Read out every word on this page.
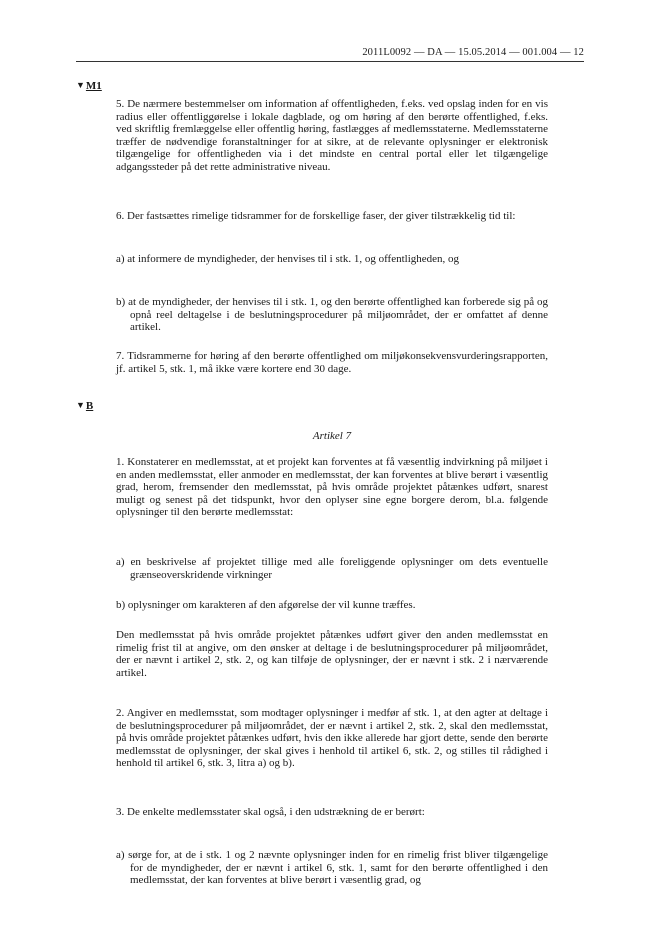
2011L0092 — DA — 15.05.2014 — 001.004 — 12
▼M1
▼B
5. De nærmere bestemmelser om information af offentligheden, f.eks. ved opslag inden for en vis radius eller offentliggørelse i lokale dagblade, og om høring af den berørte offentlighed, f.eks. ved skriftlig fremlæggelse eller offentlig høring, fastlægges af medlemsstaterne. Medlemsstaterne træffer de nødvendige foranstaltninger for at sikre, at de relevante oplysninger er elektronisk tilgængelige for offentligheden via i det mindste en central portal eller let tilgængelige adgangssteder på det rette administrative niveau.
6. Der fastsættes rimelige tidsrammer for de forskellige faser, der giver tilstrækkelig tid til:
a) at informere de myndigheder, der henvises til i stk. 1, og offentligheden, og
b) at de myndigheder, der henvises til i stk. 1, og den berørte offentlighed kan forberede sig på og opnå reel deltagelse i de beslutningsprocedurer på miljøområdet, der er omfattet af denne artikel.
7. Tidsrammerne for høring af den berørte offentlighed om miljøkonsekvensvurderingsrapporten, jf. artikel 5, stk. 1, må ikke være kortere end 30 dage.
Artikel 7
1. Konstaterer en medlemsstat, at et projekt kan forventes at få væsentlig indvirkning på miljøet i en anden medlemsstat, eller anmoder en medlemsstat, der kan forventes at blive berørt i væsentlig grad, herom, fremsender den medlemsstat, på hvis område projektet påtænkes udført, snarest muligt og senest på det tidspunkt, hvor den oplyser sine egne borgere derom, bl.a. følgende oplysninger til den berørte medlemsstat:
a) en beskrivelse af projektet tillige med alle foreliggende oplysninger om dets eventuelle grænseoverskridende virkninger
b) oplysninger om karakteren af den afgørelse der vil kunne træffes.
Den medlemsstat på hvis område projektet påtænkes udført giver den anden medlemsstat en rimelig frist til at angive, om den ønsker at deltage i de beslutningsprocedurer på miljøområdet, der er nævnt i artikel 2, stk. 2, og kan tilføje de oplysninger, der er nævnt i stk. 2 i nærværende artikel.
2. Angiver en medlemsstat, som modtager oplysninger i medfør af stk. 1, at den agter at deltage i de beslutningsprocedurer på miljøområdet, der er nævnt i artikel 2, stk. 2, skal den medlemsstat, på hvis område projektet påtænkes udført, hvis den ikke allerede har gjort dette, sende den berørte medlemsstat de oplysninger, der skal gives i henhold til artikel 6, stk. 2, og stilles til rådighed i henhold til artikel 6, stk. 3, litra a) og b).
3. De enkelte medlemsstater skal også, i den udstrækning de er berørt:
a) sørge for, at de i stk. 1 og 2 nævnte oplysninger inden for en rimelig frist bliver tilgængelige for de myndigheder, der er nævnt i artikel 6, stk. 1, samt for den berørte offentlighed i den medlemsstat, der kan forventes at blive berørt i væsentlig grad, og
